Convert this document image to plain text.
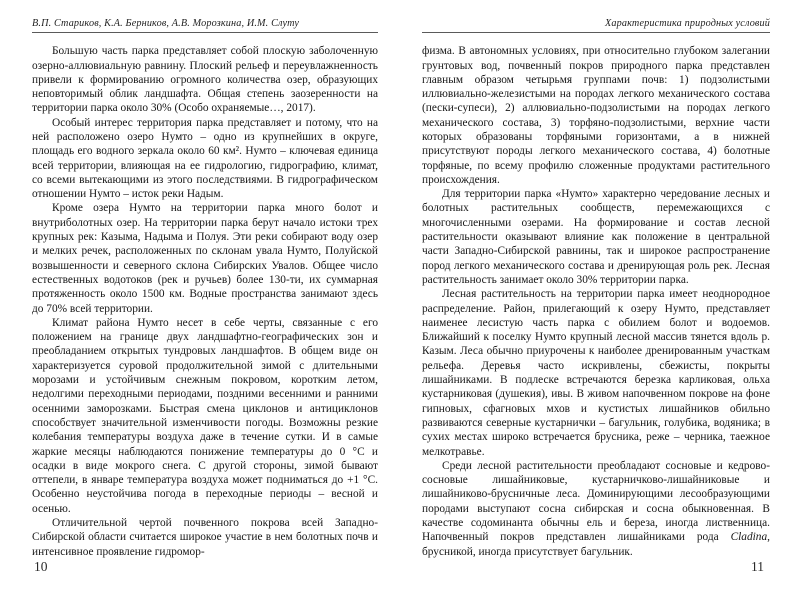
В.П. Стариков, К.А. Берников, А.В. Морозкина, И.М. Слуту

Большую часть парка представляет собой плоскую заболоченную озерно-аллювиальную равнину. Плоский рельеф и переувлажненность привели к формированию огромного количества озер, образующих неповторимый облик ландшафта. Общая степень заозеренности на территории парка около 30% (Особо охраняемые…, 2017).

Особый интерес территория парка представляет и потому, что на ней расположено озеро Нумто – одно из крупнейших в округе, площадь его водного зеркала около 60 км². Нумто – ключевая единица всей территории, влияющая на ее гидрологию, гидрографию, климат, со всеми вытекающими из этого последствиями. В гидрографическом отношении Нумто – исток реки Надым.

Кроме озера Нумто на территории парка много болот и внутриболотных озер. На территории парка берут начало истоки трех крупных рек: Казыма, Надыма и Полуя. Эти реки собирают воду озер и мелких речек, расположенных по склонам увала Нумто, Полуйской возвышенности и северного склона Сибирских Увалов. Общее число естественных водотоков (рек и ручьев) более 130-ти, их суммарная протяженность около 1500 км. Водные пространства занимают здесь до 70% всей территории.

Климат района Нумто несет в себе черты, связанные с его положением на границе двух ландшафтно-географических зон и преобладанием открытых тундровых ландшафтов. В общем виде он характеризуется суровой продолжительной зимой с длительными морозами и устойчивым снежным покровом, коротким летом, недолгими переходными периодами, поздними весенними и ранними осенними заморозками. Быстрая смена циклонов и антициклонов способствует значительной изменчивости погоды. Возможны резкие колебания температуры воздуха даже в течение сутки. И в самые жаркие месяцы наблюдаются понижение температуры до 0 °С и осадки в виде мокрого снега. С другой стороны, зимой бывают оттепели, в январе температура воздуха может подниматься до +1 °С. Особенно неустойчива погода в переходные периоды – весной и осенью.

Отличительной чертой почвенного покрова всей Западно-Сибирской области считается широкое участие в нем болотных почв и интенсивное проявление гидромор-

10
Характеристика природных условий

физма. В автономных условиях, при относительно глубоком залегании грунтовых вод, почвенный покров природного парка представлен главным образом четырьмя группами почв: 1) подзолистыми иллювиально-железистыми на породах легкого механического состава (пески-супеси), 2) аллювиально-подзолистыми на породах легкого механического состава, 3) торфяно-подзолистыми, верхние части которых образованы торфяными горизонтами, а в нижней присутствуют породы легкого механического состава, 4) болотные торфяные, по всему профилю сложенные продуктами растительного происхождения.

Для территории парка «Нумто» характерно чередование лесных и болотных растительных сообществ, перемежающихся с многочисленными озерами. На формирование и состав лесной растительности оказывают влияние как положение в центральной части Западно-Сибирской равнины, так и широкое распространение пород легкого механического состава и дренирующая роль рек. Лесная растительность занимает около 30% территории парка.

Лесная растительность на территории парка имеет неоднородное распределение. Район, прилегающий к озеру Нумто, представляет наименее лесистую часть парка с обилием болот и водоемов. Ближайший к поселку Нумто крупный лесной массив тянется вдоль р. Казым. Леса обычно приурочены к наиболее дренированным участкам рельефа. Деревья часто искривлены, сбежисты, покрыты лишайниками. В подлеске встречаются березка карликовая, ольха кустарниковая (душекия), ивы. В живом напочвенном покрове на фоне гипновых, сфагновых мхов и кустистых лишайников обильно развиваются северные кустарнички – багульник, голубика, водяника; в сухих местах широко встречается брусника, реже – черника, таежное мелкотравье.

Среди лесной растительности преобладают сосновые и кедрово-сосновые лишайниковые, кустарничково-лишайниковые и лишайниково-брусничные леса. Доминирующими лесообразующими породами выступают сосна сибирская и сосна обыкновенная. В качестве содоминанта обычны ель и береза, иногда лиственница. Напочвенный покров представлен лишайниками рода Cladina, брусникой, иногда присутствует багульник.

11
